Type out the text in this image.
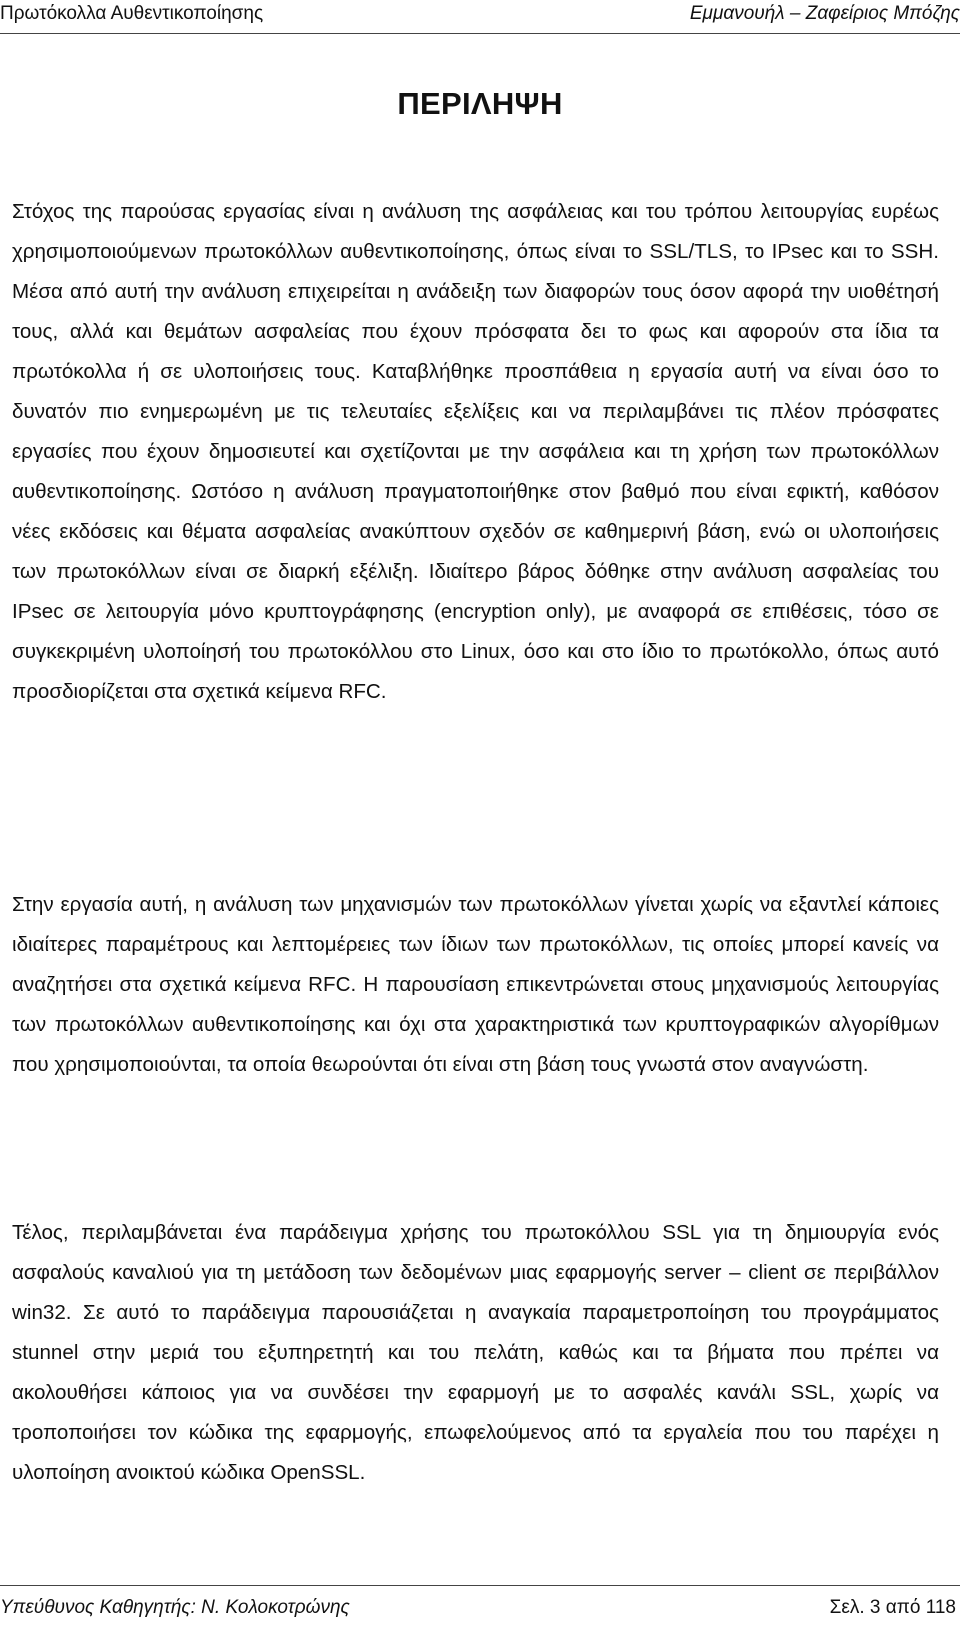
Πρωτόκολλα Αυθεντικοποίησης	Εμμανουήλ – Ζαφείριος Μπόζης
ΠΕΡΙΛΗΨΗ

Στόχος της παρούσας εργασίας είναι η ανάλυση της ασφάλειας και του τρόπου λειτουργίας ευρέως χρησιμοποιούμενων πρωτοκόλλων αυθεντικοποίησης, όπως είναι το SSL/TLS, το IPsec και το SSH. Μέσα από αυτή την ανάλυση επιχειρείται η ανάδειξη των διαφορών τους όσον αφορά την υιοθέτησή τους, αλλά και θεμάτων ασφαλείας που έχουν πρόσφατα δει το φως και αφορούν στα ίδια τα πρωτόκολλα ή σε υλοποιήσεις τους. Καταβλήθηκε προσπάθεια η εργασία αυτή να είναι όσο το δυνατόν πιο ενημερωμένη με τις τελευταίες εξελίξεις και να περιλαμβάνει τις πλέον πρόσφατες εργασίες που έχουν δημοσιευτεί και σχετίζονται με την ασφάλεια και τη χρήση των πρωτοκόλλων αυθεντικοποίησης. Ωστόσο η ανάλυση πραγματοποιήθηκε στον βαθμό που είναι εφικτή, καθόσον νέες εκδόσεις και θέματα ασφαλείας ανακύπτουν σχεδόν σε καθημερινή βάση, ενώ οι υλοποιήσεις των πρωτοκόλλων είναι σε διαρκή εξέλιξη. Ιδιαίτερο βάρος δόθηκε στην ανάλυση ασφαλείας του IPsec σε λειτουργία μόνο κρυπτογράφησης (encryption only), με αναφορά σε επιθέσεις, τόσο σε συγκεκριμένη υλοποίησή του πρωτοκόλλου στο Linux, όσο και στο ίδιο το πρωτόκολλο, όπως αυτό προσδιορίζεται στα σχετικά κείμενα RFC.

Στην εργασία αυτή, η ανάλυση των μηχανισμών των πρωτοκόλλων γίνεται χωρίς να εξαντλεί κάποιες ιδιαίτερες παραμέτρους και λεπτομέρειες των ίδιων των πρωτοκόλλων, τις οποίες μπορεί κανείς να αναζητήσει στα σχετικά κείμενα RFC. Η παρουσίαση επικεντρώνεται στους μηχανισμούς λειτουργίας των πρωτοκόλλων αυθεντικοποίησης και όχι στα χαρακτηριστικά των κρυπτογραφικών αλγορίθμων που χρησιμοποιούνται, τα οποία θεωρούνται ότι είναι στη βάση τους γνωστά στον αναγνώστη.

Τέλος, περιλαμβάνεται ένα παράδειγμα χρήσης του πρωτοκόλλου SSL για τη δημιουργία ενός ασφαλούς καναλιού για τη μετάδοση των δεδομένων μιας εφαρμογής server – client σε περιβάλλον win32. Σε αυτό το παράδειγμα παρουσιάζεται η αναγκαία παραμετροποίηση του προγράμματος stunnel στην μεριά του εξυπηρετητή και του πελάτη, καθώς και τα βήματα που πρέπει να ακολουθήσει κάποιος για να συνδέσει την εφαρμογή με το ασφαλές κανάλι SSL, χωρίς να τροποποιήσει τον κώδικα της εφαρμογής, επωφελούμενος από τα εργαλεία που του παρέχει η υλοποίηση ανοικτού κώδικα OpenSSL.

Υπεύθυνος Καθηγητής: Ν. Κολοκοτρώνης	Σελ. 3 από 118
